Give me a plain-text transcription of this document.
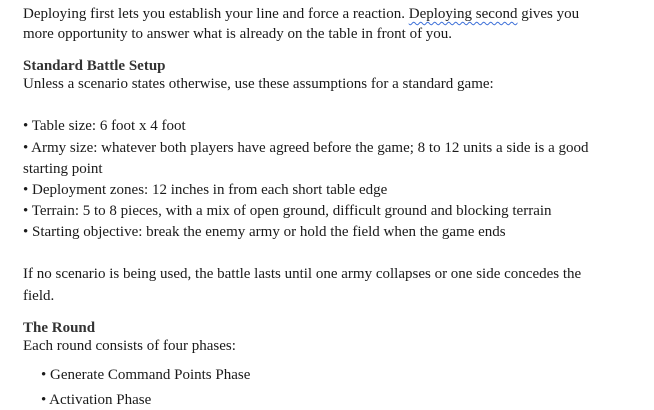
Deploying first lets you establish your line and force a reaction. Deploying second gives you
more opportunity to answer what is already on the table in front of you.
Standard Battle Setup
Unless a scenario states otherwise, use these assumptions for a standard game:
• Table size: 6 foot x 4 foot
• Army size: whatever both players have agreed before the game; 8 to 12 units a side is a good
starting point
• Deployment zones: 12 inches in from each short table edge
• Terrain: 5 to 8 pieces, with a mix of open ground, difficult ground and blocking terrain
• Starting objective: break the enemy army or hold the field when the game ends
If no scenario is being used, the battle lasts until one army collapses or one side concedes the
field.
The Round
Each round consists of four phases:
• Generate Command Points Phase
• Activation Phase
